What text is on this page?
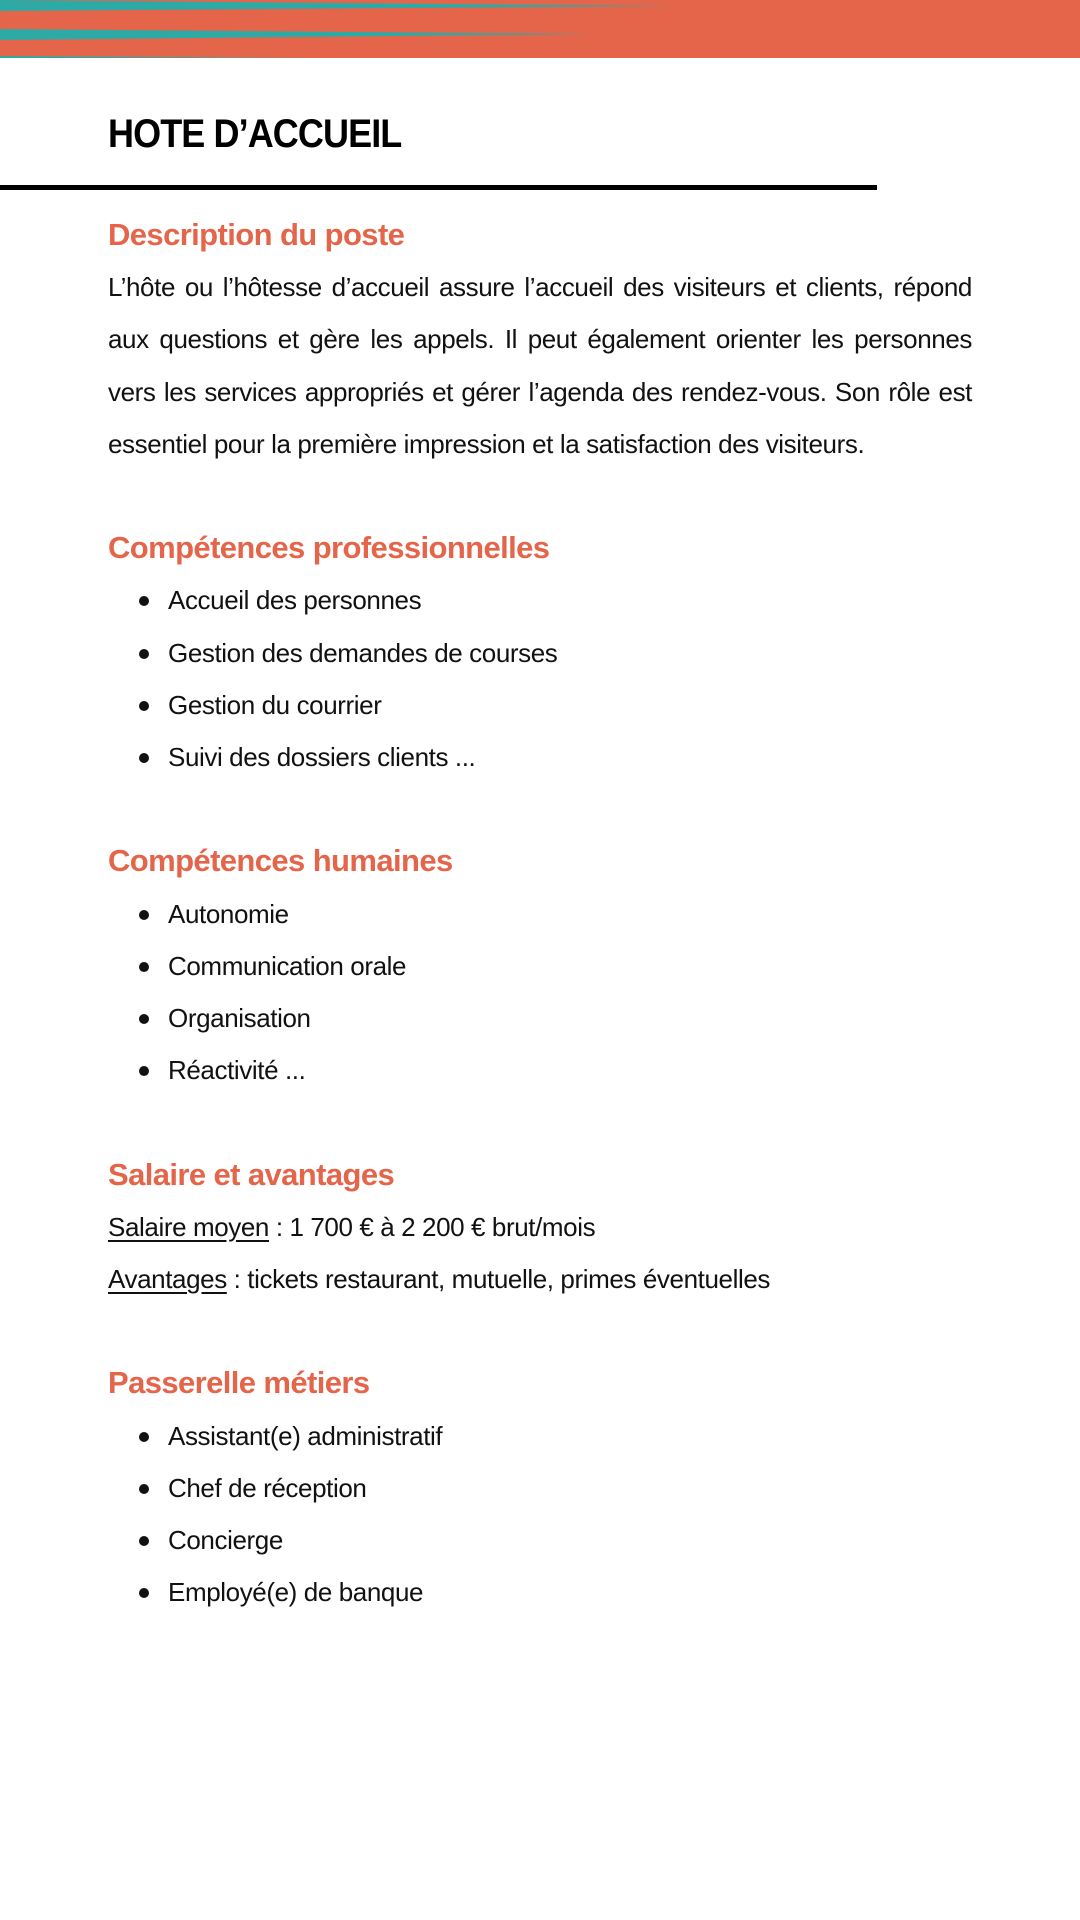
HOTE D’ACCUEIL
Description du poste

L’hôte ou l’hôtesse d’accueil assure l’accueil des visiteurs et clients, répond aux questions et gère les appels. Il peut également orienter les personnes vers les services appropriés et gérer l’agenda des rendez-vous. Son rôle est essentiel pour la première impression et la satisfaction des visiteurs.

Compétences professionnelles
Accueil des personnes
Gestion des demandes de courses
Gestion du courrier
Suivi des dossiers clients ...
Compétences humaines
Autonomie
Communication orale
Organisation
Réactivité ...
Salaire et avantages
Salaire moyen : 1 700 € à 2 200 € brut/mois
Avantages : tickets restaurant, mutuelle, primes éventuelles
Passerelle métiers
Assistant(e) administratif
Chef de réception
Concierge
Employé(e) de banque
